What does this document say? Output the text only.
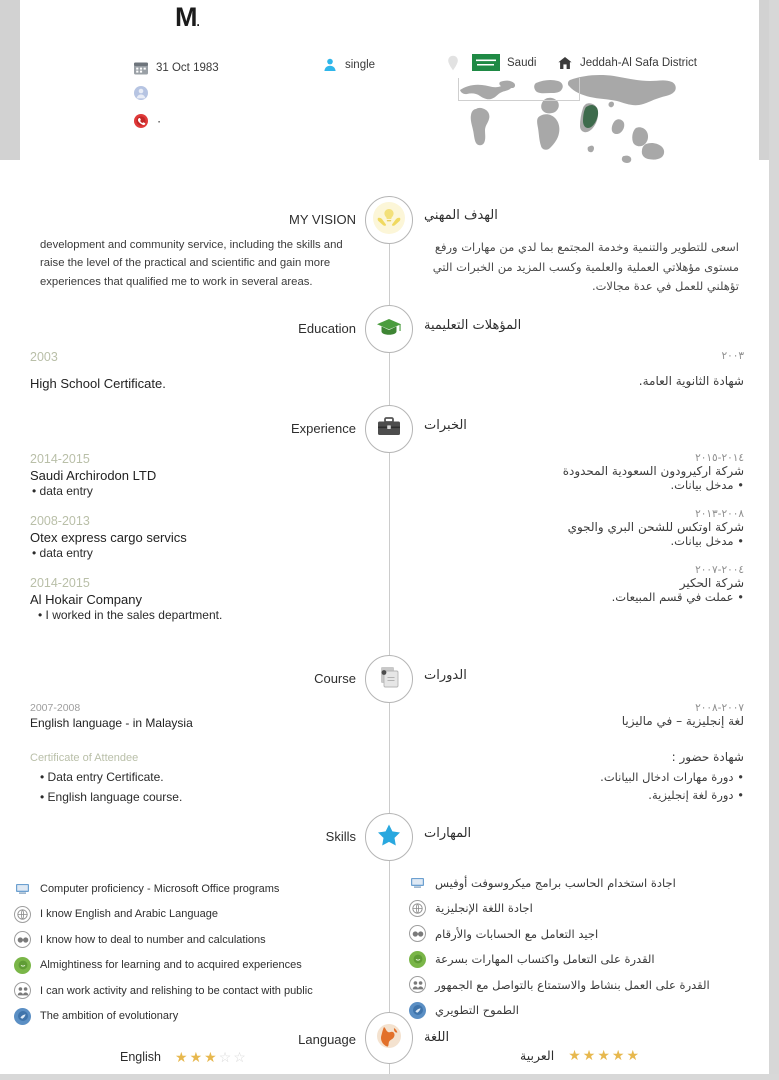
M.
31 Oct 1983
٠
single	Saudi	Jeddah-Al Safa District
MY VISION	الهدف المهني
development and community service, including the skills and raise the level of the practical and scientific and gain more experiences that qualified me to work in several areas.
اسعى للتطوير والتنمية وخدمة المجتمع بما لدي من مهارات ورفع مستوى مؤهلاتي العملية والعلمية وكسب المزيد من الخبرات التي تؤهلني للعمل في عدة مجالات.
Education	المؤهلات التعليمية
2003
High School Certificate.
٢٠٠٣
شهادة الثانوية العامة.
Experience	الخبرات
2014-2015
Saudi Archirodon LTD
• data entry
2008-2013
Otex express cargo servics
• data entry
2014-2015
Al Hokair Company
• I worked in the sales department.
٢٠١٤-٢٠١٥
شركة اركيرودون السعودية المحدودة
• مدخل بيانات.
٢٠٠٨-٢٠١٣
شركة اوتكس للشحن البري والجوي
• مدخل بيانات.
٢٠٠٤-٢٠٠٧
شركة الحكير
• عملت في قسم المبيعات.
Course	الدورات
2007-2008
English language - in Malaysia
Certificate of Attendee
• Data entry Certificate.
• English language course.
٢٠٠٧-٢٠٠٨
لغة إنجليزية – في ماليزيا
شهادة حضور :
• دورة مهارات ادخال البيانات.
• دورة لغة إنجليزية.
Skills	المهارات
Computer proficiency - Microsoft Office programs
I know English and Arabic Language
I know how to deal to number and calculations
Almightiness for learning and to acquired experiences
I can work activity and relishing to be contact with public
The ambition of evolutionary
اجادة استخدام الحاسب برامج ميكروسوفت أوفيس
اجادة اللغة الإنجليزية
اجيد التعامل مع الحسابات والأرقام
القدرة على التعامل واكتساب المهارات بسرعة
القدرة على العمل بنشاط والاستمتاع بالتواصل مع الجمهور
الطموح التطويري
Language	اللغة
English ★ ★ ★ ☆ ☆	العربية	★
★
★
★
★
